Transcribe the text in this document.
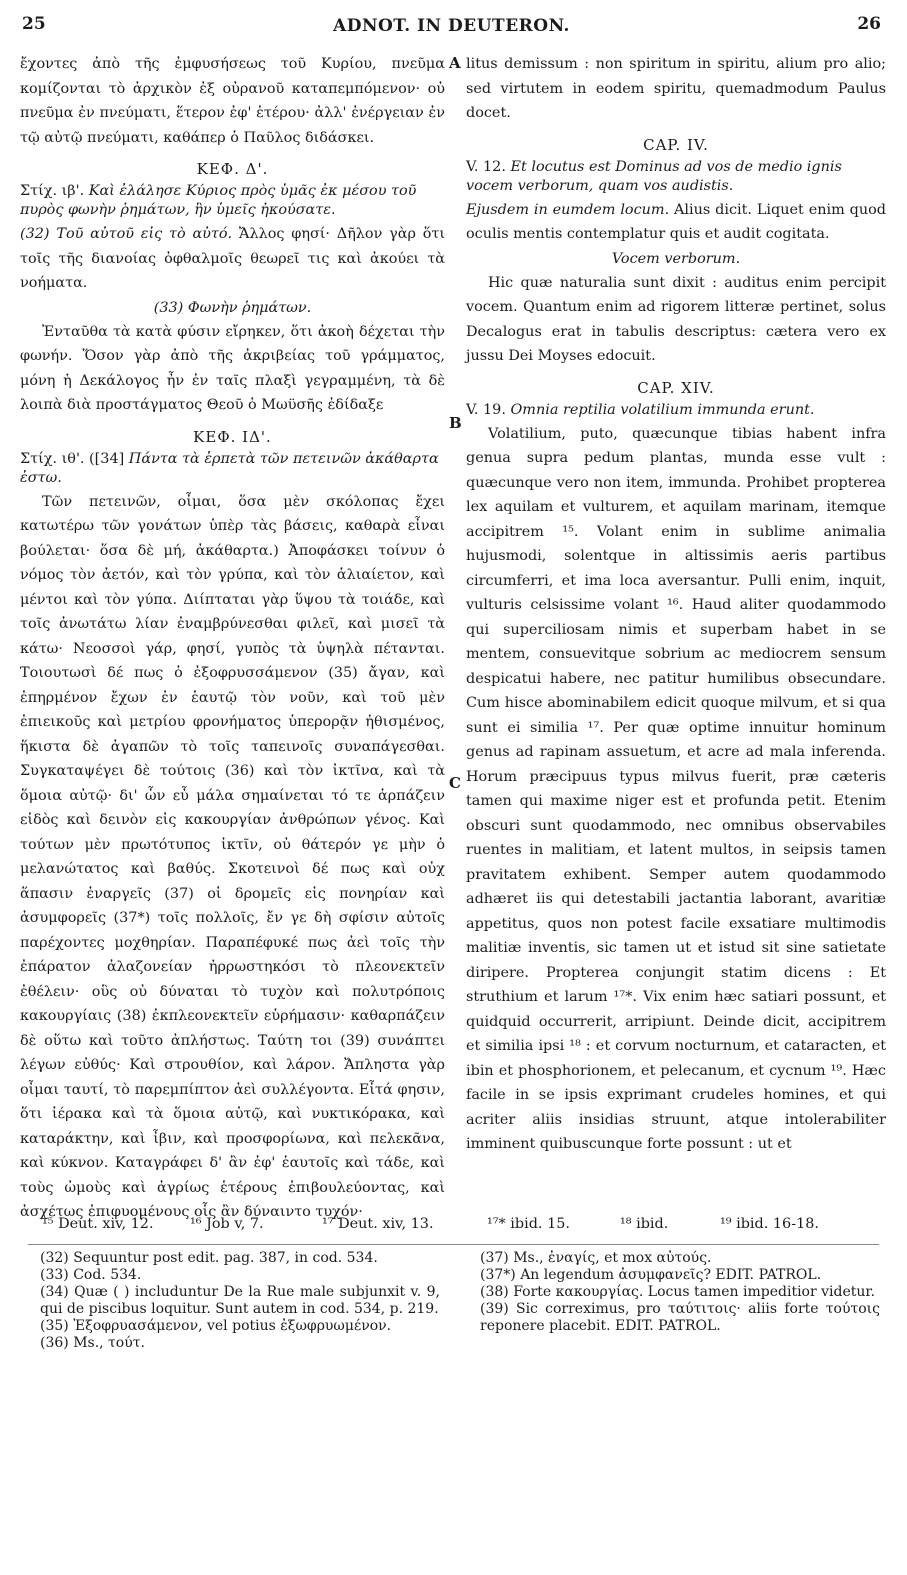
25	ADNOT. IN DEUTERON.	26
A
B
C

ἔχοντες ἀπὸ τῆς ἐμφυσήσεως τοῦ Κυρίου, πνεῦμα κομίζονται τὸ ἀρχικὸν ἐξ οὐρανοῦ καταπεμπόμενον· οὐ πνεῦμα ἐν πνεύματι, ἕτερον ἐφ' ἑτέρου· ἀλλ' ἐνέργειαν ἐν τῷ αὐτῷ πνεύματι, καθάπερ ὁ Παῦλος διδάσκει.

ΚΕΦ. Δ'.

Στίχ. ιβ'. Καὶ ἐλάλησε Κύριος πρὸς ὑμᾶς ἐκ μέσου τοῦ πυρὸς φωνὴν ῥημάτων, ἣν ὑμεῖς ἠκούσατε.

(32) Τοῦ αὐτοῦ εἰς τὸ αὐτό. Ἄλλος φησί· Δῆλον γὰρ ὅτι τοῖς τῆς διανοίας ὀφθαλμοῖς θεωρεῖ τις καὶ ἀκούει τὰ νοήματα.

(33) Φωνὴν ῥημάτων.

Ἐνταῦθα τὰ κατὰ φύσιν εἴρηκεν, ὅτι ἀκοὴ δέχεται τὴν φωνήν. Ὅσον γὰρ ἀπὸ τῆς ἀκριβείας τοῦ γράμματος, μόνη ἡ Δεκάλογος ἦν ἐν ταῖς πλαξὶ γεγραμμένη, τὰ δὲ λοιπὰ διὰ προστάγματος Θεοῦ ὁ Μωϋσῆς ἐδίδαξε

ΚΕΦ. ΙΔ'.

Στίχ. ιθ'. ([34] Πάντα τὰ ἑρπετὰ τῶν πετεινῶν ἀκάθαρτα ἐστω.

Τῶν πετεινῶν, οἶμαι, ὅσα μὲν σκόλοπας ἔχει κατωτέρω τῶν γονάτων ὑπὲρ τὰς βάσεις, καθαρὰ εἶναι βούλεται· ὅσα δὲ μή, ἀκάθαρτα.) Ἀποφάσκει τοίνυν ὁ νόμος τὸν ἀετόν, καὶ τὸν γρύπα, καὶ τὸν ἁλιαίετον, καὶ μέντοι καὶ τὸν γύπα. Διίπταται γὰρ ὕψου τὰ τοιάδε, καὶ τοῖς ἀνωτάτω λίαν ἐναμβρύνεσθαι φιλεῖ, καὶ μισεῖ τὰ κάτω· Νεοσσοὶ γάρ, φησί, γυπὸς τὰ ὑψηλὰ πέτανται. Τοιουτωσὶ δέ πως ὁ ἐξοφρυσσάμενον (35) ἄγαν, καὶ ἐπηρμένον ἔχων ἐν ἑαυτῷ τὸν νοῦν, καὶ τοῦ μὲν ἐπιεικοῦς καὶ μετρίου φρονήματος ὑπερορᾷν ἠθισμένος, ἥκιστα δὲ ἀγαπῶν τὸ τοῖς ταπεινοῖς συναπάγεσθαι. Συγκαταψέγει δὲ τούτοις (36) καὶ τὸν ἰκτῖνα, καὶ τὰ ὅμοια αὐτῷ· δι' ὧν εὖ μάλα σημαίνεται τό τε ἁρπάζειν εἰδὸς καὶ δεινὸν εἰς κακουργίαν ἀνθρώπων γένος. Καὶ τούτων μὲν πρωτότυπος ἰκτῖν, οὐ θάτερόν γε μὴν ὁ μελανώτατος καὶ βαθύς. Σκοτεινοὶ δέ πως καὶ οὐχ ἅπασιν ἐναργεῖς (37) οἱ δρομεῖς εἰς πονηρίαν καὶ ἀσυμφορεῖς (37*) τοῖς πολλοῖς, ἔν γε δὴ σφίσιν αὐτοῖς παρέχοντες μοχθηρίαν. Παραπέφυκέ πως ἀεὶ τοῖς τὴν ἐπάρατον ἀλαζονείαν ἠρρωστηκόσι τὸ πλεονεκτεῖν ἐθέλειν· οὓς οὐ δύναται τὸ τυχὸν καὶ πολυτρόποις κακουργίαις (38) ἐκπλεονεκτεῖν εὑρήμασιν· καθαρπάζειν δὲ οὕτω καὶ τοῦτο ἀπλήστως. Ταύτη τοι (39) συνάπτει λέγων εὐθύς· Καὶ στρουθίον, καὶ λάρον. Ἄπληστα γὰρ οἶμαι ταυτί, τὸ παρεμπίπτον ἀεὶ συλλέγοντα. Εἶτά φησιν, ὅτι ἱέρακα καὶ τὰ ὅμοια αὐτῷ, καὶ νυκτικόρακα, καὶ καταράκτην, καὶ ἶβιν, καὶ προσφορίωνα, καὶ πελεκᾶνα, καὶ κύκνον. Καταγράφει δ' ἂν ἐφ' ἑαυτοῖς καὶ τάδε, καὶ τοὺς ὠμοὺς καὶ ἀγρίως ἑτέρους ἐπιβουλεύοντας, καὶ ἀσχέτως ἐπιφυομένους οἷς ἂν δύναιντο τυχόν·

litus demissum : non spiritum in spiritu, alium pro alio; sed virtutem in eodem spiritu, quemadmodum Paulus docet.

CAP. IV.

V. 12. Et locutus est Dominus ad vos de medio ignis vocem verborum, quam vos audistis.

Ejusdem in eumdem locum. Alius dicit. Liquet enim quod oculis mentis contemplatur quis et audit cogitata.

Vocem verborum.

Hic quæ naturalia sunt dixit : auditus enim percipit vocem. Quantum enim ad rigorem litteræ pertinet, solus Decalogus erat in tabulis descriptus: cætera vero ex jussu Dei Moyses edocuit.

CAP. XIV.

V. 19. Omnia reptilia volatilium immunda erunt.

Volatilium, puto, quæcunque tibias habent infra genua supra pedum plantas, munda esse vult : quæcunque vero non item, immunda. Prohibet propterea lex aquilam et vulturem, et aquilam marinam, itemque accipitrem ¹⁵. Volant enim in sublime animalia hujusmodi, solentque in altissimis aeris partibus circumferri, et ima loca aversantur. Pulli enim, inquit, vulturis celsissime volant ¹⁶. Haud aliter quodammodo qui superciliosam nimis et superbam habet in se mentem, consuevitque sobrium ac mediocrem sensum despicatui habere, nec patitur humilibus obsecundare. Cum hisce abominabilem edicit quoque milvum, et si qua sunt ei similia ¹⁷. Per quæ optime innuitur hominum genus ad rapinam assuetum, et acre ad mala inferenda. Horum præcipuus typus milvus fuerit, præ cæteris tamen qui maxime niger est et profunda petit. Etenim obscuri sunt quodammodo, nec omnibus observabiles ruentes in malitiam, et latent multos, in seipsis tamen pravitatem exhibent. Semper autem quodammodo adhæret iis qui detestabili jactantia laborant, avaritiæ appetitus, quos non potest facile exsatiare multimodis malitiæ inventis, sic tamen ut et istud sit sine satietate diripere. Propterea conjungit statim dicens : Et struthium et larum ¹⁷*. Vix enim hæc satiari possunt, et quidquid occurrerit, arripiunt. Deinde dicit, accipitrem et similia ipsi ¹⁸ : et corvum nocturnum, et cataracten, et ibin et phosphorionem, et pelecanum, et cycnum ¹⁹. Hæc facile in se ipsis exprimant crudeles homines, et qui acriter aliis insidias struunt, atque intolerabiliter imminent quibuscunque forte possunt : ut et

¹⁵ Deut. xiv, 12.	¹⁶ Job v, 7.	¹⁷ Deut. xiv, 13.	¹⁷* ibid. 15.	¹⁸ ibid.	¹⁹ ibid. 16-18.

(32) Sequuntur post edit. pag. 387, in cod. 534.

(33) Cod. 534.

(34) Quæ ( ) includuntur De la Rue male subjunxit v. 9, qui de piscibus loquitur. Sunt autem in cod. 534, p. 219.

(35) Ἐξοφρυασάμενον, vel potius ἐξωφρυωμένον.

(36) Ms., τούτ.

(37) Ms., ἐναγίς, et mox αὐτούς.

(37*) An legendum ἀσυμφανεῖς? EDIT. PATROL.

(38) Forte κακουργίας. Locus tamen impeditior videtur.

(39) Sic correximus, pro ταύτιτοις· aliis forte τούτοις reponere placebit. EDIT. PATROL.
